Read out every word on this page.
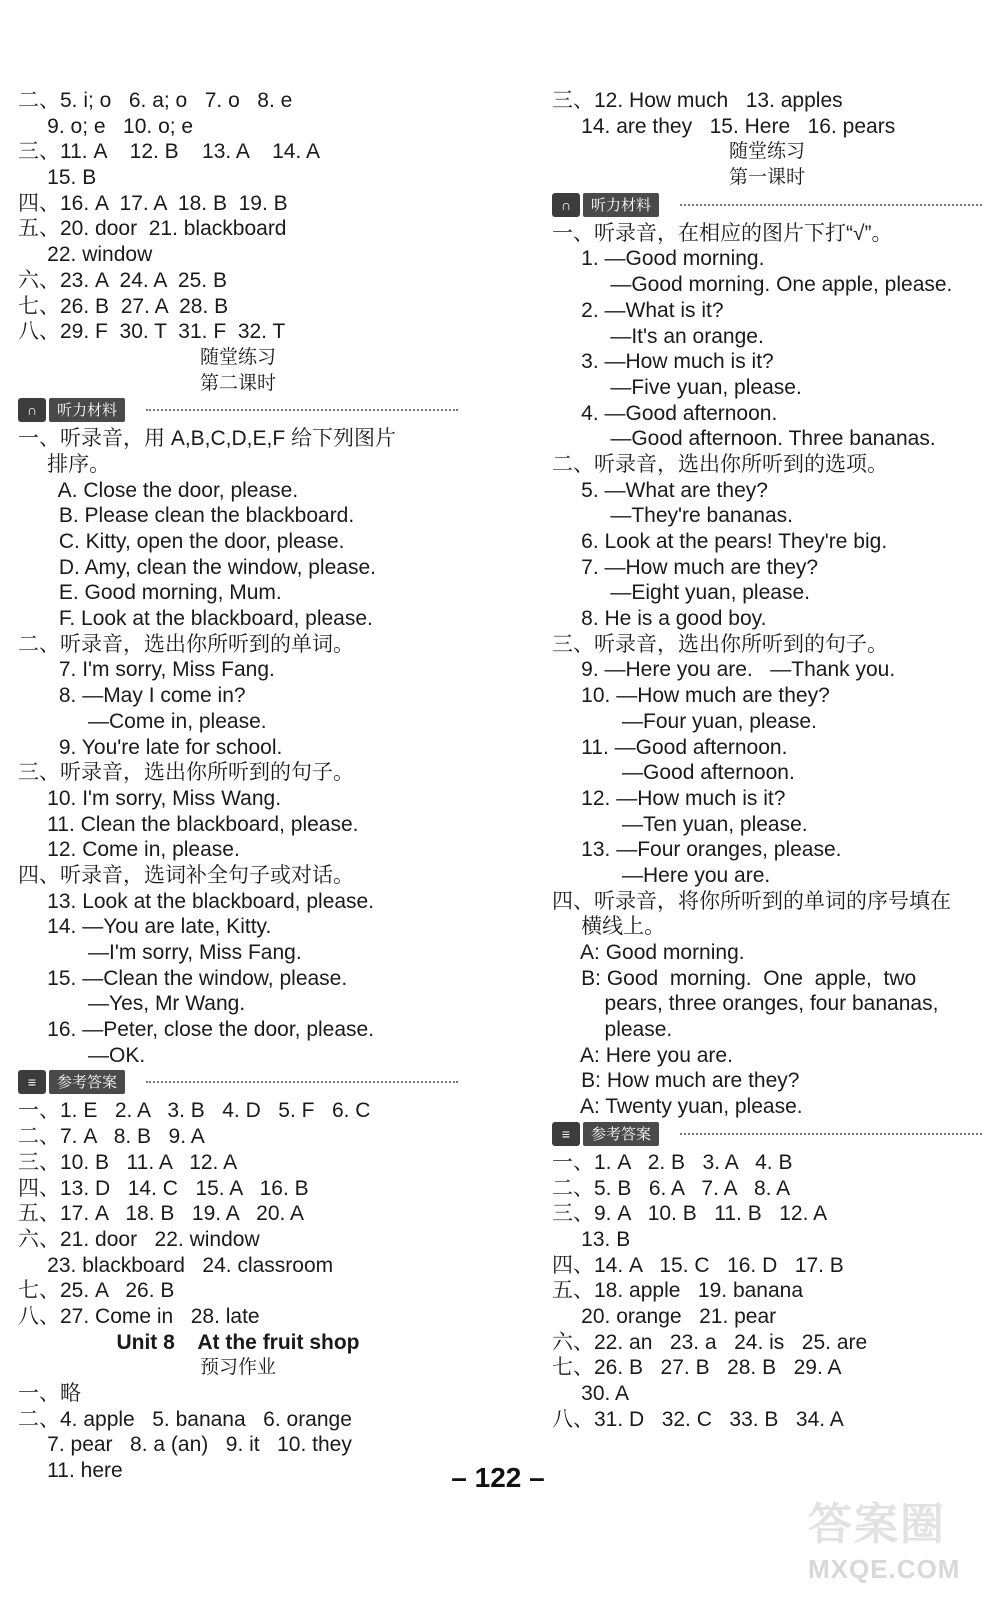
二、5. i; o   6. a; o   7. o   8. e
9. o; e   10. o; e
三、11. A    12. B    13. A    14. A
15. B
四、16. A  17. A  18. B  19. B
五、20. door  21. blackboard
22. window
六、23. A  24. A  25. B
七、26. B  27. A  28. B
八、29. F  30. T  31. F  32. T
随堂练习
第二课时
∩	听力材料
一、听录音，用 A,B,C,D,E,F 给下列图片
排序。
A. Close the door, please.
B. Please clean the blackboard.
C. Kitty, open the door, please.
D. Amy, clean the window, please.
E. Good morning, Mum.
F. Look at the blackboard, please.
二、听录音，选出你所听到的单词。
7. I'm sorry, Miss Fang.
8. —May I come in?
—Come in, please.
9. You're late for school.
三、听录音，选出你所听到的句子。
10. I'm sorry, Miss Wang.
11. Clean the blackboard, please.
12. Come in, please.
四、听录音，选词补全句子或对话。
13. Look at the blackboard, please.
14. —You are late, Kitty.
—I'm sorry, Miss Fang.
15. —Clean the window, please.
—Yes, Mr Wang.
16. —Peter, close the door, please.
—OK.
≡	参考答案
一、1. E   2. A   3. B   4. D   5. F   6. C
二、7. A   8. B   9. A
三、10. B   11. A   12. A
四、13. D   14. C   15. A   16. B
五、17. A   18. B   19. A   20. A
六、21. door   22. window
23. blackboard   24. classroom
七、25. A   26. B
八、27. Come in   28. late
Unit 8    At the fruit shop
预习作业
一、略
二、4. apple   5. banana   6. orange
7. pear   8. a (an)   9. it   10. they
11. here
三、12. How much   13. apples
14. are they   15. Here   16. pears
随堂练习
第一课时
∩	听力材料
一、听录音，在相应的图片下打“√”。
1. —Good morning.
—Good morning. One apple, please.
2. —What is it?
—It's an orange.
3. —How much is it?
—Five yuan, please.
4. —Good afternoon.
—Good afternoon. Three bananas.
二、听录音，选出你所听到的选项。
5. —What are they?
—They're bananas.
6. Look at the pears! They're big.
7. —How much are they?
—Eight yuan, please.
8. He is a good boy.
三、听录音，选出你所听到的句子。
9. —Here you are.   —Thank you.
10. —How much are they?
—Four yuan, please.
11. —Good afternoon.
—Good afternoon.
12. —How much is it?
—Ten yuan, please.
13. —Four oranges, please.
—Here you are.
四、听录音，将你所听到的单词的序号填在
横线上。
A: Good morning.
B: Good  morning.  One  apple,  two
pears, three oranges, four bananas,
please.
A: Here you are.
B: How much are they?
A: Twenty yuan, please.
≡	参考答案
一、1. A   2. B   3. A   4. B
二、5. B   6. A   7. A   8. A
三、9. A   10. B   11. B   12. A
13. B
四、14. A   15. C   16. D   17. B
五、18. apple   19. banana
20. orange   21. pear
六、22. an   23. a   24. is   25. are
七、26. B   27. B   28. B   29. A
30. A
八、31. D   32. C   33. B   34. A
– 122 –
答案圈
MXQE.COM
